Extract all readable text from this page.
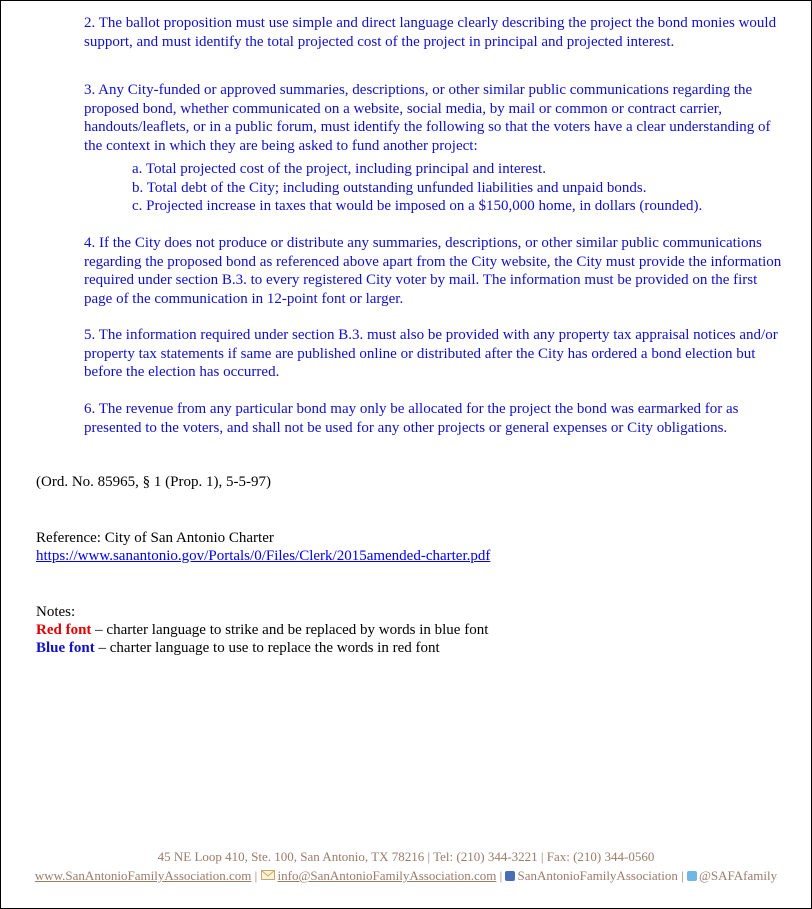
2. The ballot proposition must use simple and direct language clearly describing the project the bond monies would support, and must identify the total projected cost of the project in principal and projected interest.

3. Any City-funded or approved summaries, descriptions, or other similar public communications regarding the proposed bond, whether communicated on a website, social media, by mail or common or contract carrier, handouts/leaflets, or in a public forum, must identify the following so that the voters have a clear understanding of the context in which they are being asked to fund another project:

a. Total projected cost of the project, including principal and interest.

b. Total debt of the City; including outstanding unfunded liabilities and unpaid bonds.

c. Projected increase in taxes that would be imposed on a $150,000 home, in dollars (rounded).

4. If the City does not produce or distribute any summaries, descriptions, or other similar public communications regarding the proposed bond as referenced above apart from the City website, the City must provide the information required under section B.3. to every registered City voter by mail. The information must be provided on the first page of the communication in 12-point font or larger.

5. The information required under section B.3. must also be provided with any property tax appraisal notices and/or property tax statements if same are published online or distributed after the City has ordered a bond election but before the election has occurred.

6. The revenue from any particular bond may only be allocated for the project the bond was earmarked for as presented to the voters, and shall not be used for any other projects or general expenses or City obligations.

(Ord. No. 85965, § 1 (Prop. 1), 5-5-97)

Reference: City of San Antonio Charter

https://www.sanantonio.gov/Portals/0/Files/Clerk/2015amended-charter.pdf

Notes:

Red font – charter language to strike and be replaced by words in blue font

Blue font – charter language to use to replace the words in red font

45 NE Loop 410, Ste. 100, San Antonio, TX 78216 | Tel: (210) 344-3221 | Fax: (210) 344-0560
www.SanAntonioFamilyAssociation.com | info@SanAntonioFamilyAssociation.com | SanAntonioFamilyAssociation | @SAFAfamily
